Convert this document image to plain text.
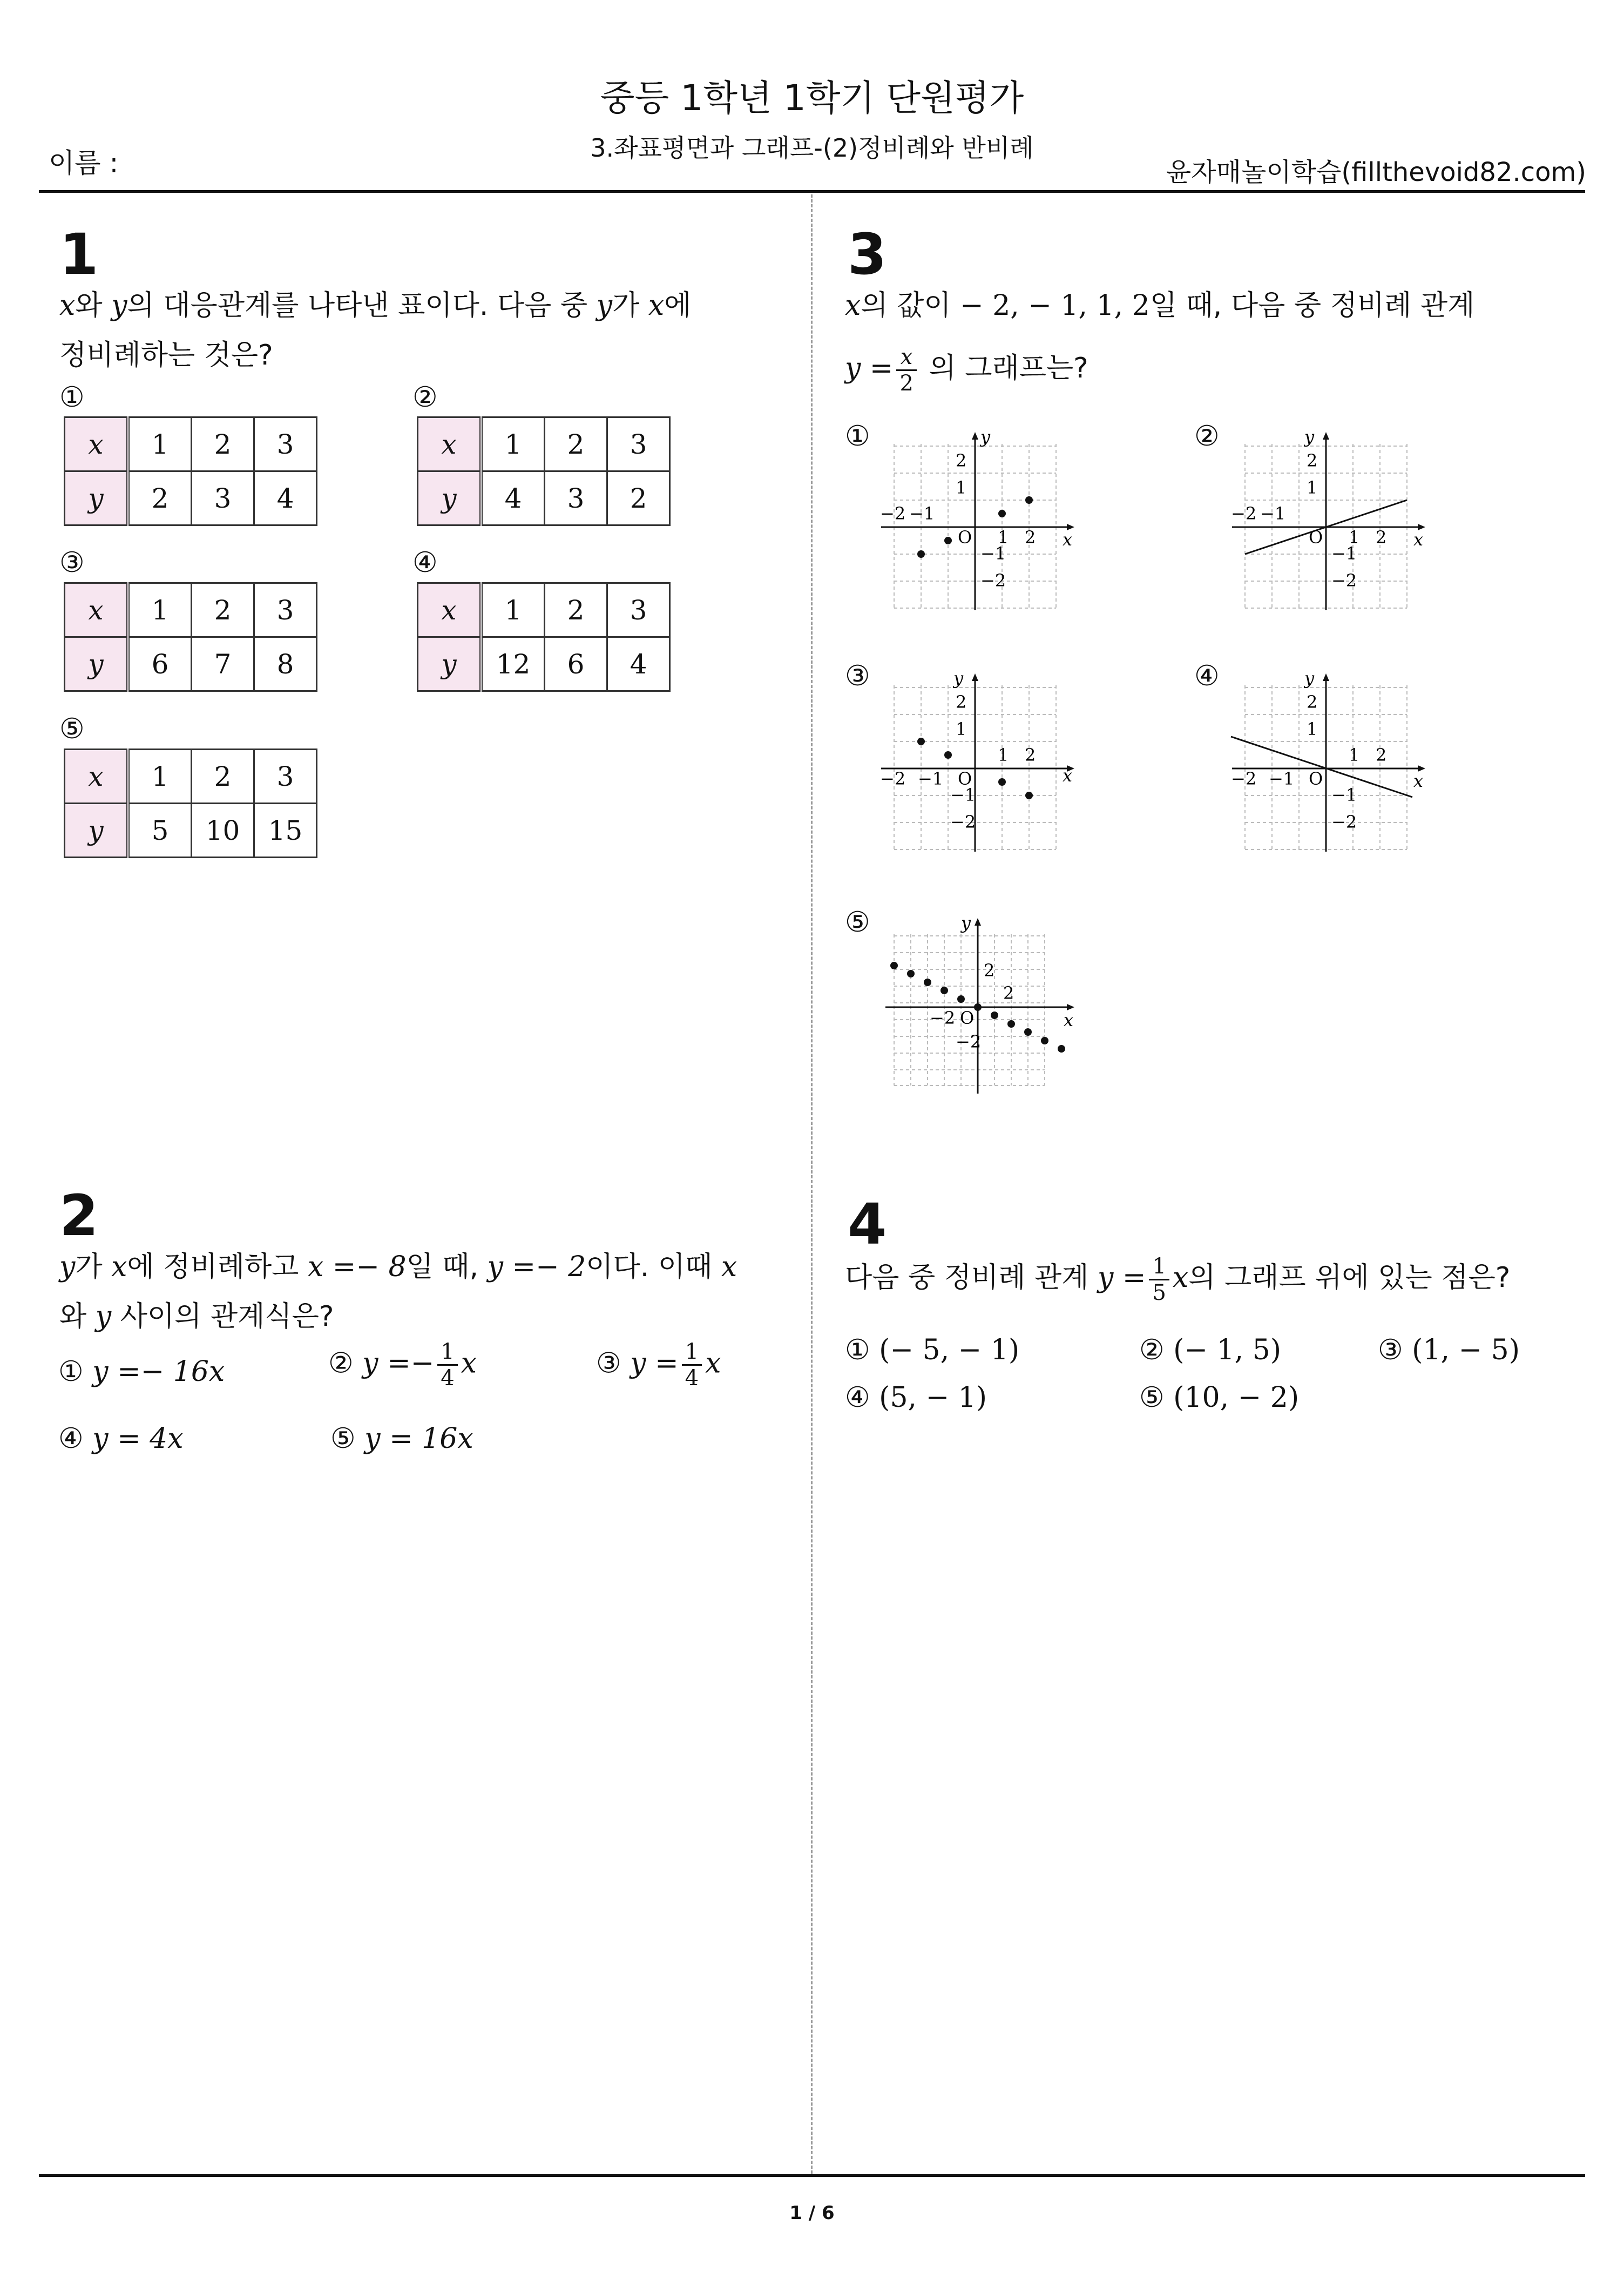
중등 1학년 1학기 단원평가
3.좌표평면과 그래프-(2)정비례와 반비례
이름 :	윤자매놀이학습(fillthevoid82.com)
1
x와 y의 대응관계를 나타낸 표이다. 다음 중 y가 x에
정비례하는 것은?
①
x	1	2	3
y	2	3	4
②
x	1	2	3
y	4	3	2
③
x	1	2	3
y	6	7	8
④
x	1	2	3
y	12	6	4
⑤
x	1	2	3
y	5	10	15
2
y가 x에 정비례하고 x =− 8일 때, y =− 2이다. 이때 x
와 y 사이의 관계식은?
① y =− 16x	② $y =- \frac{1}{4}$ x	③ $y = \frac{1}{4}$ x
④ y = 4x	⑤ y = 16x
3
x의 값이 − 2, − 1, 1, 2일 때, 다음 중 정비례 관계
$y = \frac{x}{2}$ 의 그래프는?
①	②
③	④
⑤
x
y
O
2
1
−1
−2
−2 −1
1 2	x
y
O
2
1
−1
−2
−2 −1
1 2
x
y
O
2
1
−1
−2
−2 −1
1 2
x
y
O
2
1
−1
−2
−2 −1
1 2
x
y
O
2
2
−2
−2
4
다음 중 정비례 관계 $y = \frac{1}{5}$ x의 그래프 위에 있는 점은?
① (− 5, − 1)	② (− 1, 5)	③ (1, − 5)
④ (5, − 1)	⑤ (10, − 2)
1 / 6
